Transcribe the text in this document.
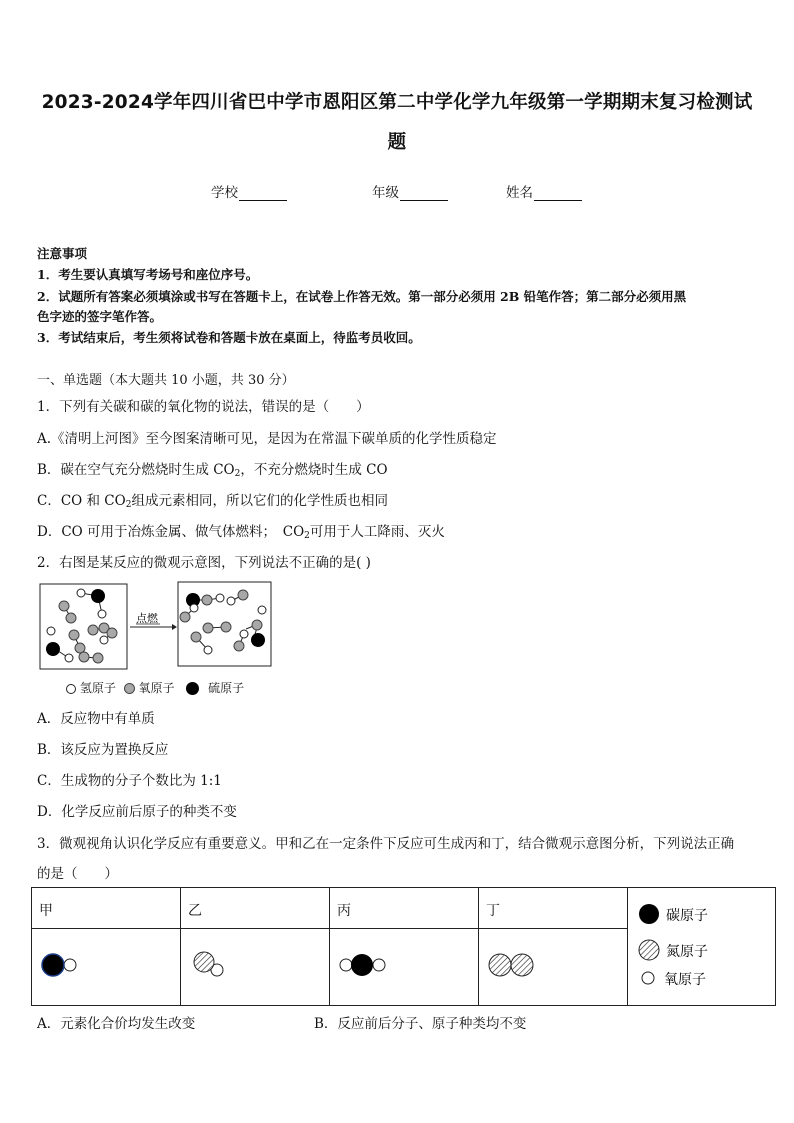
2023-2024学年四川省巴中学市恩阳区第二中学化学九年级第一学期期末复习检测试
题
学校	年级	姓名
注意事项
1．考生要认真填写考场号和座位序号。
2．试题所有答案必须填涂或书写在答题卡上，在试卷上作答无效。第一部分必须用 2B 铅笔作答；第二部分必须用黑
色字迹的签字笔作答。
3．考试结束后，考生须将试卷和答题卡放在桌面上，待监考员收回。
一、单选题（本大题共 10 小题，共 30 分）
1．下列有关碳和碳的氧化物的说法，错误的是（　　）
A.《清明上河图》至今图案清晰可见，是因为在常温下碳单质的化学性质稳定
B．碳在空气充分燃烧时生成 $CO_2$，不充分燃烧时生成 CO
C．CO 和 $CO_2$组成元素相同，所以它们的化学性质也相同
D．CO 可用于冶炼金属、做气体燃料；　$CO_2$可用于人工降雨、灭火
2．右图是某反应的微观示意图，下列说法不正确的是( )
点燃
氢原子 氧原子	硫原子
A．反应物中有单质
B．该反应为置换反应
C．生成物的分子个数比为 1:1
D．化学反应前后原子的种类不变
3．微观视角认识化学反应有重要意义。甲和乙在一定条件下反应可生成丙和丁，结合微观示意图分析，下列说法正确
的是（　　）
甲	乙	丙	丁	碳原子
氮原子
氧原子

A．元素化合价均发生改变	B．反应前后分子、原子种类均不变
